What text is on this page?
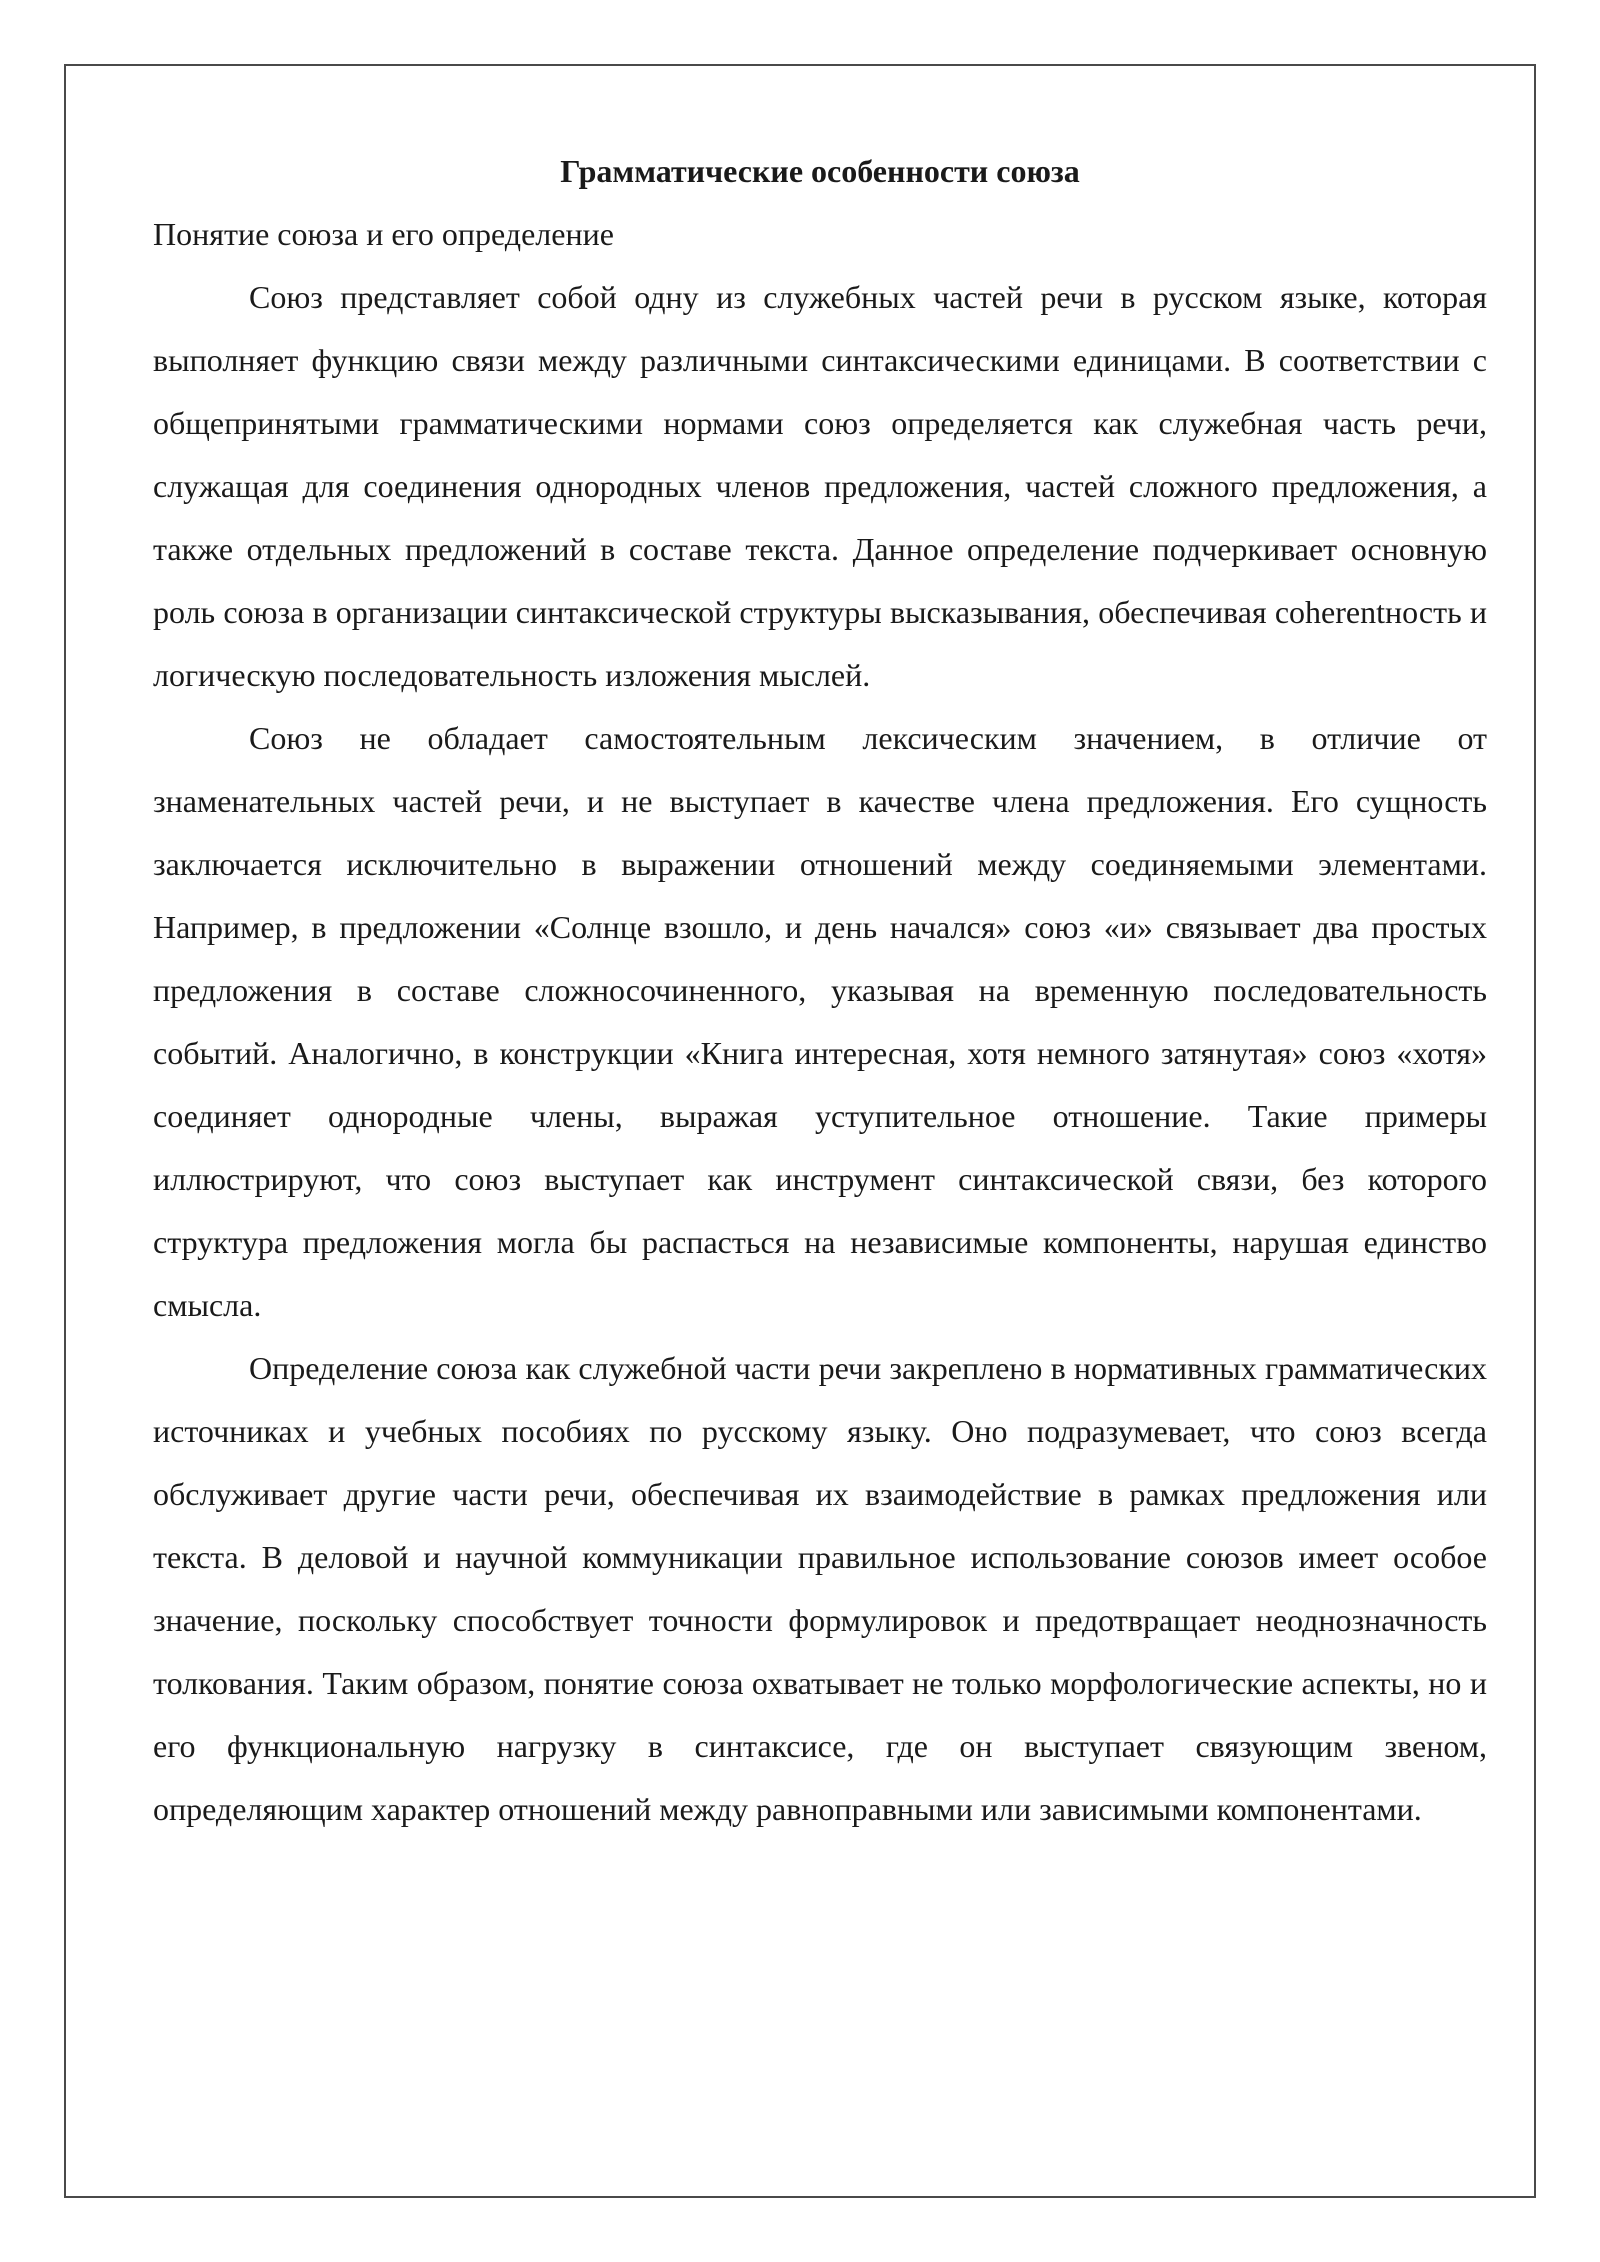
Грамматические особенности союза

Понятие союза и его определение

Союз представляет собой одну из служебных частей речи в русском языке, которая выполняет функцию связи между различными синтаксическими единицами. В соответствии с общепринятыми грамматическими нормами союз определяется как служебная часть речи, служащая для соединения однородных членов предложения, частей сложного предложения, а также отдельных предложений в составе текста. Данное определение подчеркивает основную роль союза в организации синтаксической структуры высказывания, обеспечивая coherentность и логическую последовательность изложения мыслей.

Союз не обладает самостоятельным лексическим значением, в отличие от знаменательных частей речи, и не выступает в качестве члена предложения. Его сущность заключается исключительно в выражении отношений между соединяемыми элементами. Например, в предложении «Солнце взошло, и день начался» союз «и» связывает два простых предложения в составе сложносочиненного, указывая на временную последовательность событий. Аналогично, в конструкции «Книга интересная, хотя немного затянутая» союз «хотя» соединяет однородные члены, выражая уступительное отношение. Такие примеры иллюстрируют, что союз выступает как инструмент синтаксической связи, без которого структура предложения могла бы распасться на независимые компоненты, нарушая единство смысла.

Определение союза как служебной части речи закреплено в нормативных грамматических источниках и учебных пособиях по русскому языку. Оно подразумевает, что союз всегда обслуживает другие части речи, обеспечивая их взаимодействие в рамках предложения или текста. В деловой и научной коммуникации правильное использование союзов имеет особое значение, поскольку способствует точности формулировок и предотвращает неоднозначность толкования. Таким образом, понятие союза охватывает не только морфологические аспекты, но и его функциональную нагрузку в синтаксисе, где он выступает связующим звеном, определяющим характер отношений между равноправными или зависимыми компонентами.
